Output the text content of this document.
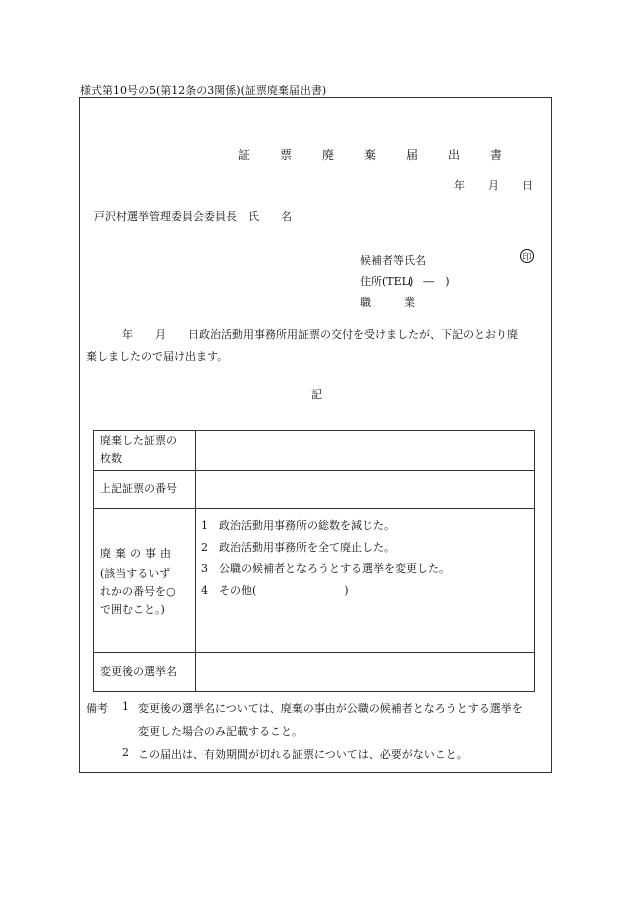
様式第10号の5(第12条の3関係)(証票廃棄届出書)
証　票　廃　棄　届　出　書
年 月 日
戸沢村選挙管理委員会委員長　氏　　名
候補者等氏名	印
住所(TEL)
(　―　)
職　　　業
年　　月　　日政治活動用事務所用証票の交付を受けましたが、下記のとおり廃
棄しましたので届け出ます。
記
廃棄した証票の
枚数
上記証票の番号
廃棄の事由
(該当するいず
れかの番号を○
で囲むこと。)
1　 政治活動用事務所の総数を減じた。
2　 政治活動用事務所を全て廃止した。
3　 公職の候補者となろうとする選挙を変更した。
4　 その他(　　　　　　　　)
変更後の選挙名
備考 1 変更後の選挙名については、廃棄の事由が公職の候補者となろうとする選挙を
変更した場合のみ記載すること。
2 この届出は、有効期間が切れる証票については、必要がないこと。
